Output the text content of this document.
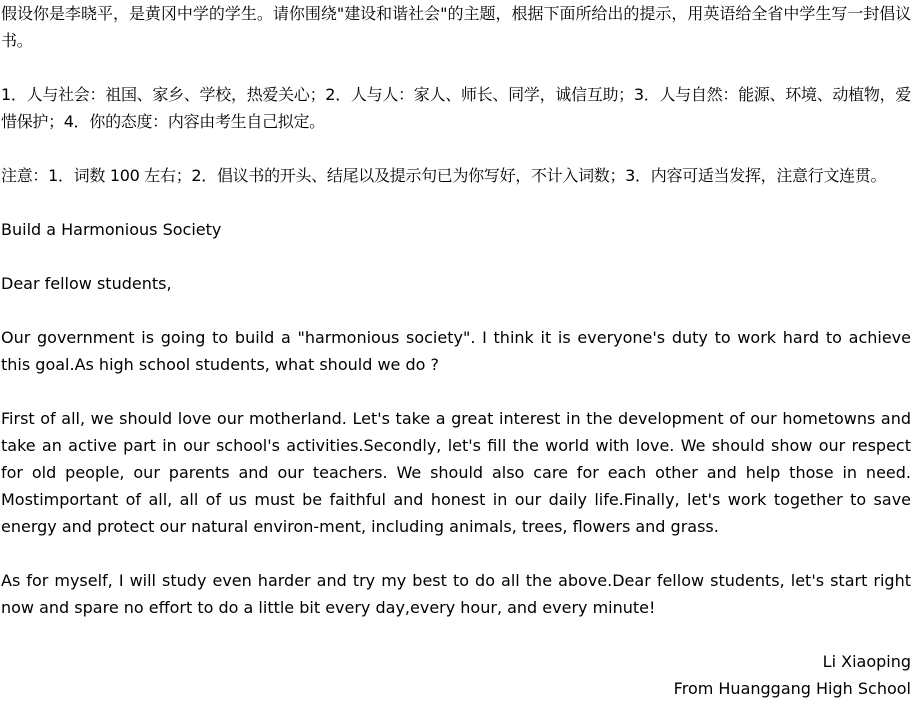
假设你是李晓平，是黄冈中学的学生。请你围绕"建设和谐社会"的主题，根据下面所给出的提示，用英语给全省中学生写一封倡议书。

1．人与社会：祖国、家乡、学校，热爱关心；2．人与人：家人、师长、同学，诚信互助；3．人与自然：能源、环境、动植物，爱惜保护；4．你的态度：内容由考生自己拟定。

注意：1．词数 100 左右；2．倡议书的开头、结尾以及提示句已为你写好，不计入词数；3．内容可适当发挥，注意行文连贯。

Build a Harmonious Society

Dear fellow students,

Our government is going to build a "harmonious society". I think it is everyone's duty to work hard to achieve this goal.As high school students, what should we do ?

First of all, we should love our motherland. Let's take a great interest in the development of our hometowns and take an active part in our school's activities.Secondly, let's fill the world with love. We should show our respect for old people, our parents and our teachers. We should also care for each other and help those in need. Mostimportant of all, all of us must be faithful and honest in our daily life.Finally, let's work together to save energy and protect our natural environ-ment, including animals, trees, flowers and grass.

As for myself, I will study even harder and try my best to do all the above.Dear fellow students, let's start right now and spare no effort to do a little bit every day,every hour, and every minute!

Li Xiaoping
From Huanggang High School
